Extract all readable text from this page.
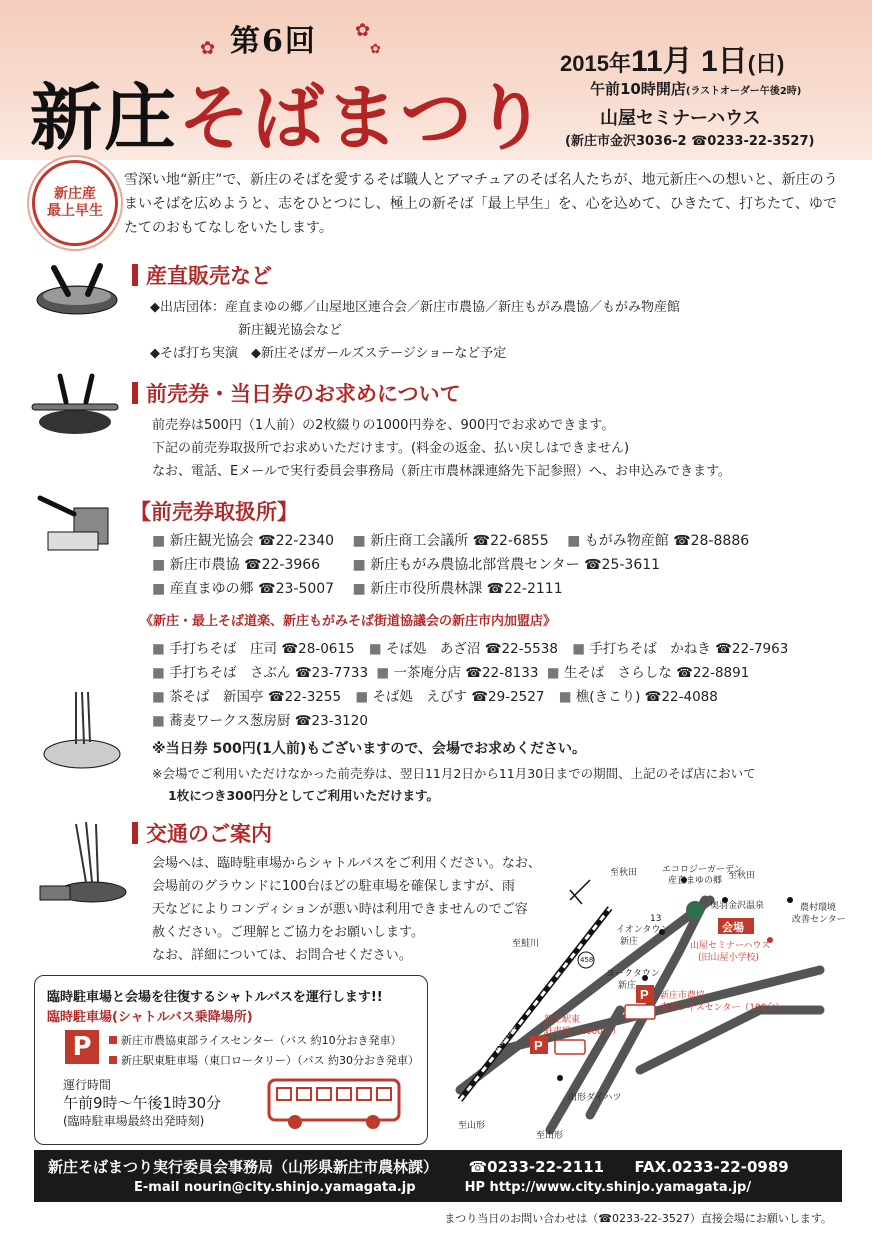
✿
✿
✿
第6回
新庄そばまつり
2015年11月 1日(日)
午前10時開店(ラストオーダー午後2時)
山屋セミナーハウス
(新庄市金沢3036-2 ☎0233-22-3527)
新庄産
最上早生
雪深い地“新庄”で、新庄のそばを愛するそば職人とアマチュアのそば名人たちが、地元新庄への想いと、新庄のうまいそばを広めようと、志をひとつにし、極上の新そば「最上早生」を、心を込めて、ひきたて、打ちたて、ゆでたてのおもてなしをいたします。
産直販売など
◆出店団体：産直まゆの郷／山屋地区連合会／新庄市農協／新庄もがみ農協／もがみ物産館
新庄観光協会など
◆そば打ち実演　◆新庄そばガールズステージショーなど予定
前売券・当日券のお求めについて
前売券は500円（1人前）の2枚綴りの1000円券を、900円でお求めできます。
下記の前売券取扱所でお求めいただけます。(料金の返金、払い戻しはできません)
なお、電話、Eメールで実行委員会事務局（新庄市農林課連絡先下記参照）へ、お申込みできます。
【前売券取扱所】
■ 新庄観光協会 ☎22-2340 ■ 新庄商工会議所 ☎22-6855 ■ もがみ物産館 ☎28-8886
■ 新庄市農協 ☎22-3966 ■ 新庄もがみ農協北部営農センター ☎25-3611
■ 産直まゆの郷 ☎23-5007 ■ 新庄市役所農林課 ☎22-2111
《新庄・最上そば道楽、新庄もがみそば街道協議会の新庄市内加盟店》
■ 手打ちそば　庄司 ☎28-0615 ■ そば処　あざ沼 ☎22-5538 ■ 手打ちそば　かねき ☎22-7963
■ 手打ちそば　さぶん ☎23-7733 ■ 一茶庵分店 ☎22-8133 ■ 生そば　さらしな ☎22-8891
■ 茶そば　新国亭 ☎22-3255 ■ そば処　えびす ☎29-2527 ■ 樵(きこり) ☎22-4088
■ 蕎麦ワークス葱房厨 ☎23-3120
※当日券 500円(1人前)もございますので、会場でお求めください。
※会場でご利用いただけなかった前売券は、翌日11月2日から11月30日までの期間、上記のそば店において
1枚につき300円分としてご利用いただけます。
交通のご案内
会場へは、臨時駐車場からシャトルバスをご利用ください。なお、
会場前のグラウンドに100台ほどの駐車場を確保しますが、雨
天などによりコンディションが悪い時は利用できませんのでご容
赦ください。ご理解とご協力をお願いします。
なお、詳細については、お問合せください。
臨時駐車場と会場を往復するシャトルバスを運行します!!
臨時駐車場(シャトルバス乗降場所)
P	新庄市農協東部ライスセンター（バス 約10分おき発車）
新庄駅東駐車場（東口ロータリー）（バス 約30分おき発車）
運行時間
午前9時～午後1時30分
(臨時駐車場最終出発時刻)
P
P
至秋田	エコロジーガーデン
産直まゆの郷 至秋田
奥羽金沢温泉	農村環境
改善センター
会場
山屋セミナーハウス
(旧山屋小学校)
イオンタウン
新庄
至鮭川
13
458
ヨークタウン
新庄
新庄市農協
東部ライスセンター（100台）
新庄駅東
駐車場（1000台）
JR新庄駅
山形ダイハツ
至山形
至山形
新庄そばまつり実行委員会事務局（山形県新庄市農林課） ☎0233-22-2111 FAX.0233-22-0989
E-mail nourin@city.shinjo.yamagata.jp	HP http://www.city.shinjo.yamagata.jp/
まつり当日のお問い合わせは（☎0233-22-3527）直接会場にお願いします。
